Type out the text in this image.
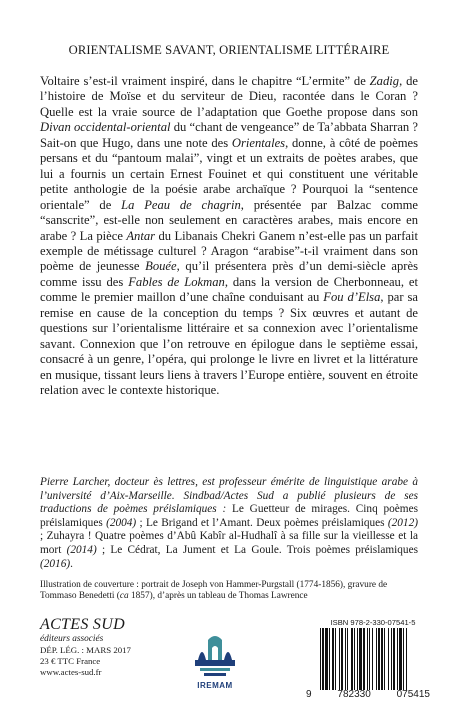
ORIENTALISME SAVANT, ORIENTALISME LITTÉRAIRE

Voltaire s’est-il vraiment inspiré, dans le chapitre “L’ermite” de Zadig, de l’histoire de Moïse et du serviteur de Dieu, racontée dans le Coran ? Quelle est la vraie source de l’adaptation que Goethe propose dans son Divan occidental-oriental du “chant de vengeance” de Ta’abbata Sharran ? Sait-on que Hugo, dans une note des Orientales, donne, à côté de poèmes persans et du “pantoum malai”, vingt et un extraits de poètes arabes, que lui a fournis un certain Ernest Fouinet et qui constituent une véritable petite anthologie de la poésie arabe archaïque ? Pourquoi la “sentence orientale” de La Peau de chagrin, présentée par Balzac comme “sanscrite”, est-elle non seulement en caractères arabes, mais encore en arabe ? La pièce Antar du Libanais Chekri Ganem n’est-elle pas un parfait exemple de métissage culturel ? Aragon “arabise”-t-il vraiment dans son poème de jeunesse Bouée, qu’il présentera près d’un demi-siècle après comme issu des Fables de Lokman, dans la version de Cherbonneau, et comme le premier maillon d’une chaîne conduisant au Fou d’Elsa, par sa remise en cause de la conception du temps ? Six œuvres et autant de questions sur l’orientalisme littéraire et sa connexion avec l’orientalisme savant. Connexion que l’on retrouve en épilogue dans le septième essai, consacré à un genre, l’opéra, qui prolonge le livre en livret et la littérature en musique, tissant leurs liens à travers l’Europe entière, souvent en étroite relation avec le contexte historique.

Pierre Larcher, docteur ès lettres, est professeur émérite de linguistique arabe à l’université d’Aix-Marseille. Sindbad/Actes Sud a publié plusieurs de ses traductions de poèmes préislamiques : Le Guetteur de mirages. Cinq poèmes préislamiques (2004) ; Le Brigand et l’Amant. Deux poèmes préislamiques (2012) ; Zuhayra ! Quatre poèmes d’Abû Kabîr al-Hudhalî à sa fille sur la vieillesse et la mort (2014) ; Le Cédrat, La Jument et La Goule. Trois poèmes préislamiques (2016).

Illustration de couverture : portrait de Joseph von Hammer-Purgstall (1774-1856), gravure de Tommaso Benedetti (ca 1857), d’après un tableau de Thomas Lawrence
ACTES SUD
éditeurs associés
DÉP. LÉG. : MARS 2017
23 € TTC France
www.actes-sud.fr
IREMAM
ISBN 978-2-330-07541-5
9	782330	075415
